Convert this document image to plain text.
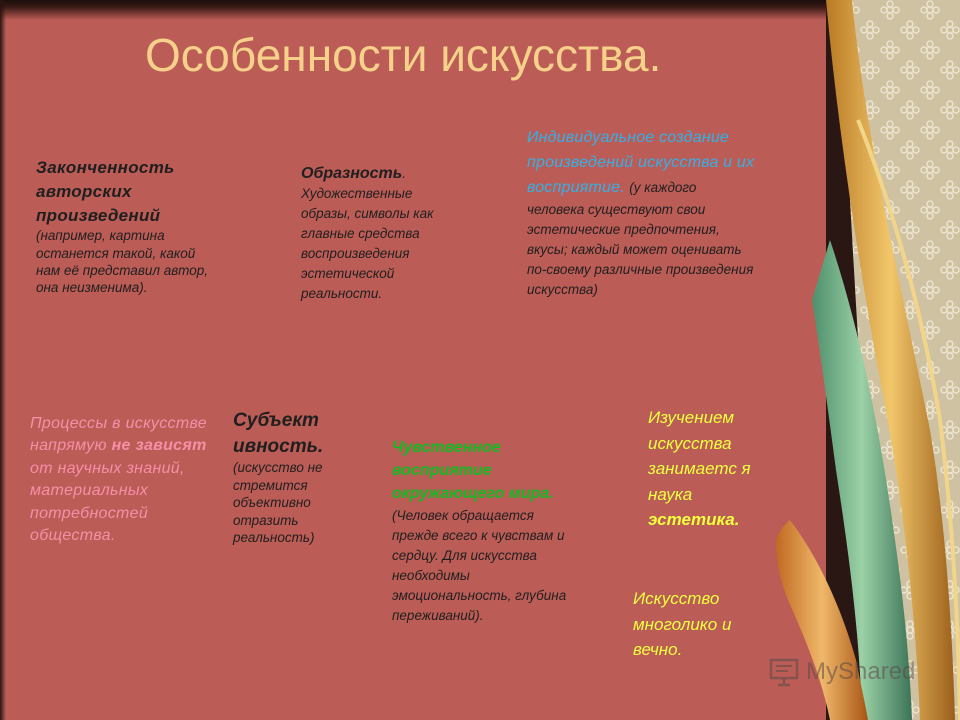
Особенности искусства.
Законченность авторских произведений
(например, картина останется такой, какой нам её представил автор, она неизменима).
Образность. Художественные образы, символы как главные средства воспроизведения эстетической реальности.
Индивидуальное создание произведений искусства и их восприятие. (у каждого человека существуют свои эстетические предпочтения, вкусы; каждый может оценивать по-своему различные произведения искусства)
Процессы в искусстве напрямую не зависят от научных знаний, материальных потребностей общества.
Субъект ивность.
(искусство не стремится объективно отразить реальность)
Чувственное восприятие окружающего мира. (Человек обращается прежде всего к чувствам и сердцу. Для искусства необходимы эмоциональность, глубина переживаний).
Изучением искусства занимаетс я наука эстетика.
Искусство многолико и вечно.
MyShared
